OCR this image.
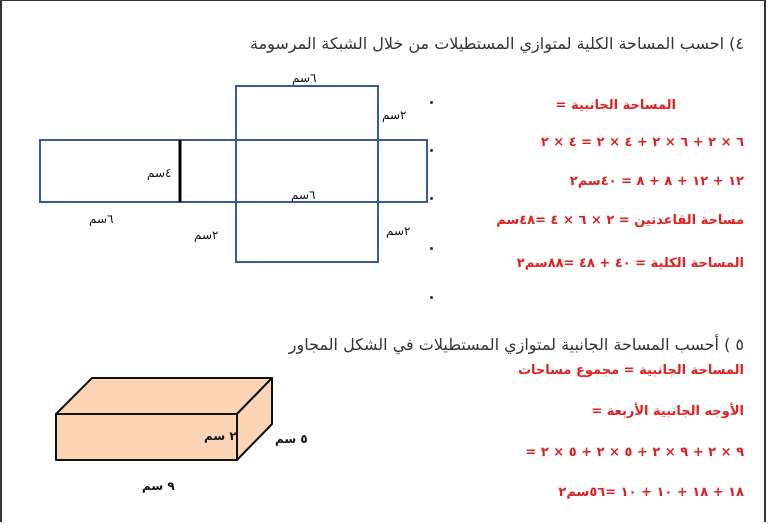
٤) احسب المساحة الكلية لمتوازي المستطيلات من خلال الشبكة المرسومة
٦سم
٢سم
٤سم
٦سم
٦سم
٢سم	٢سم
المساحة الجانبية =
٦ × ٢ + ٦ × ٢ + ٤ × ٢ = ٤ × ٢
١٢ + ١٢ + ٨ + ٨ = ٤٠سم٢
مساحة القاعدتين = ٢ × ٦ × ٤ =٤٨سم
المساحة الكلية = ٤٠ + ٤٨ =٨٨سم٢
٥ ) أحسب المساحة الجانبية لمتوازي المستطيلات في الشكل المجاور
٢ سم	٥ سم
٩ سم
المساحة الجانبية = مجموع مساحات
الأوجه الجانبية الأربعة =
٩ × ٢ + ٩ × ٢ + ٥ × ٢ + ٥ × ٢ =
١٨ + ١٨ + ١٠ + ١٠ =٥٦سم٢
